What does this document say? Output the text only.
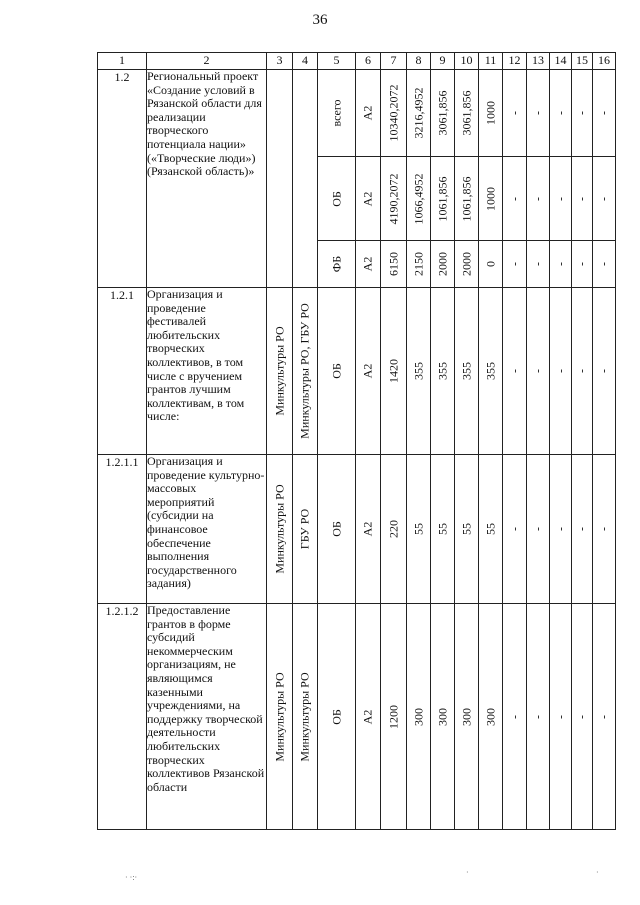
36
1	2	3	4	5	6	7	8	9	10	11	12	13	14	15	16
1.2	Региональный проект «Создание условий в Рязанской области для реализации творческого потенциала нации» («Творческие люди») (Рязанской область)»			всего	А2	10340,2072	3216,4952	3061,856	3061,856	1000	-	-	-	-	-

				ОБ	А2	4190,2072	1066,4952	1061,856	1061,856	1000	-	-	-	-	-

				ФБ	А2	6150	2150	2000	2000	0	-	-	-	-	-

1.2.1	Организация и проведение фестивалей любительских творческих коллективов, в том числе с вручением грантов лучшим коллективам, в том числе:	Минкультуры РО	Минкультуры РО, ГБУ РО	ОБ	А2	1420	355	355	355	355	-	-	-	-	-

1.2.1.1	Организация и проведение культурно-массовых мероприятий (субсидии на финансовое обеспечение выполнения государственного задания)	Минкультуры РО	ГБУ РО	ОБ	А2	220	55	55	55	55	-	-	-	-	-

1.2.1.2	Предоставление грантов в форме субсидий некоммерческим организациям, не являющимся казенными учреждениями, на поддержку творческой деятельности любительских творческих коллективов Рязанской области	Минкультуры РО	Минкультуры РО	ОБ	А2	1200	300	300	300	300	-	-	-	-	-
· ·:⁠·
·	·
